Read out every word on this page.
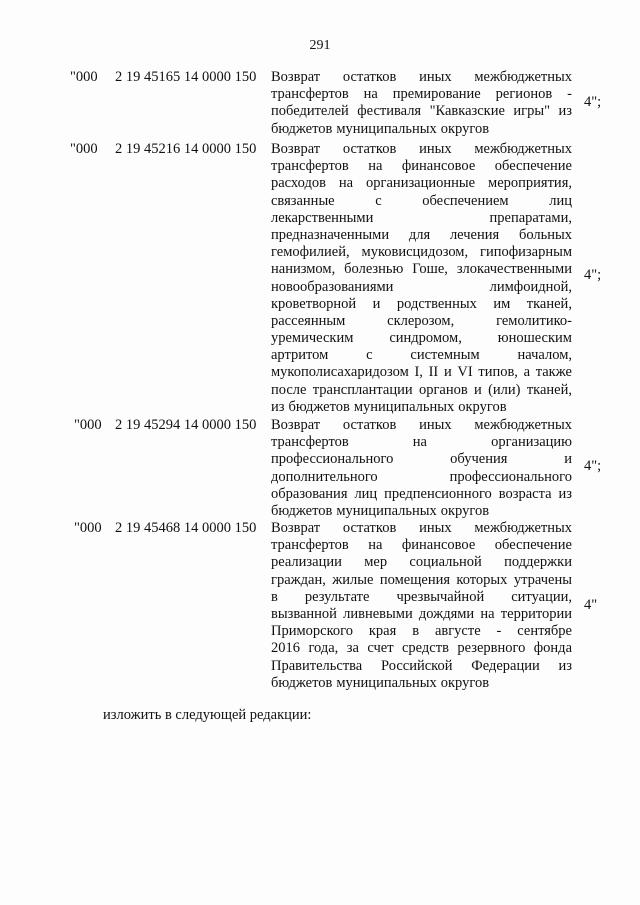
291
"000 2 19 45165 14 0000 150 Возврат остатков иных межбюджетных
трансфертов на премирование регионов -
победителей фестиваля "Кавказские игры" из
бюджетов муниципальных округов
4";
"000 2 19 45216 14 0000 150 Возврат остатков иных межбюджетных
трансфертов на финансовое обеспечение
расходов на организационные мероприятия,
связанные	с	обеспечением	лиц
лекарственными	препаратами,
предназначенными для лечения больных
гемофилией, муковисцидозом, гипофизарным
нанизмом, болезнью Гоше, злокачественными
новообразованиями	лимфоидной,
кроветворной и родственных им тканей,
рассеянным	склерозом,	гемолитико-
уремическим синдромом, юношеским
артритом	с	системным	началом,
мукополисахаридозом I, II и VI типов, а также
после трансплантации органов и (или) тканей,
из бюджетов муниципальных округов
4";
"000 2 19 45294 14 0000 150 Возврат остатков иных межбюджетных
трансфертов	на	организацию
профессионального	обучения	и
дополнительного	профессионального
образования лиц предпенсионного возраста из
бюджетов муниципальных округов
4";
"000 2 19 45468 14 0000 150 Возврат остатков иных межбюджетных
трансфертов на финансовое обеспечение
реализации мер социальной поддержки
граждан, жилые помещения которых утрачены
в результате чрезвычайной ситуации,
вызванной ливневыми дождями на территории
Приморского края в августе - сентябре
2016 года, за счет средств резервного фонда
Правительства Российской Федерации из
бюджетов муниципальных округов
4"
изложить в следующей редакции:
